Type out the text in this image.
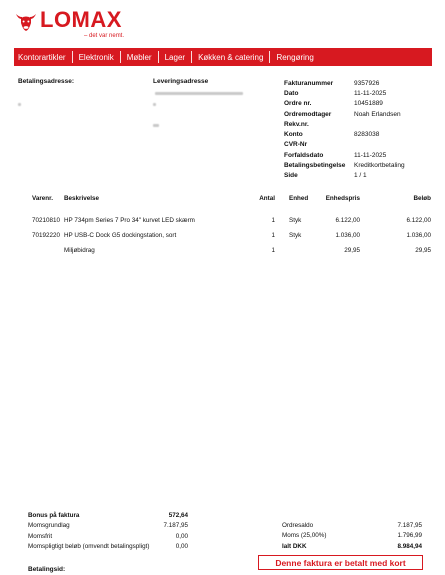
LOMAX
– det var nemt.
Kontorartikler	Elektronik	Møbler	Lager	Køkken & catering	Rengøring
Betalingsadresse:	Leveringsadresse	Fakturanummer	9357926
Dato	11-11-2025
Ordre nr.	10451889
Ordremodtager	Noah Erlandsen
Rekv.nr.
Konto	8283038
CVR-Nr
Forfaldsdato	11-11-2025
Betalingsbetingelse	Kreditkortbetaling
Side	1 / 1
Varenr. Beskrivelse	Antal Enhed	Enhedspris	Beløb
70210810 HP 734pm Series 7 Pro 34" kurvet LED skærm	1 Styk	6.122,00	6.122,00
70192220 HP USB-C Dock G5 dockingstation, sort	1 Styk	1.036,00	1.036,00
Miljøbidrag	1	29,95	29,95
Bonus på faktura	572,64
Momsgrundlag	7.187,95
Momsfrit	0,00
Momspligtigt beløb (omvendt betalingspligt)	0,00
Ordresaldo	7.187,95
Moms (25,00%)	1.796,99
Ialt DKK	8.984,94
Denne faktura er betalt med kort
Betalingsid:
